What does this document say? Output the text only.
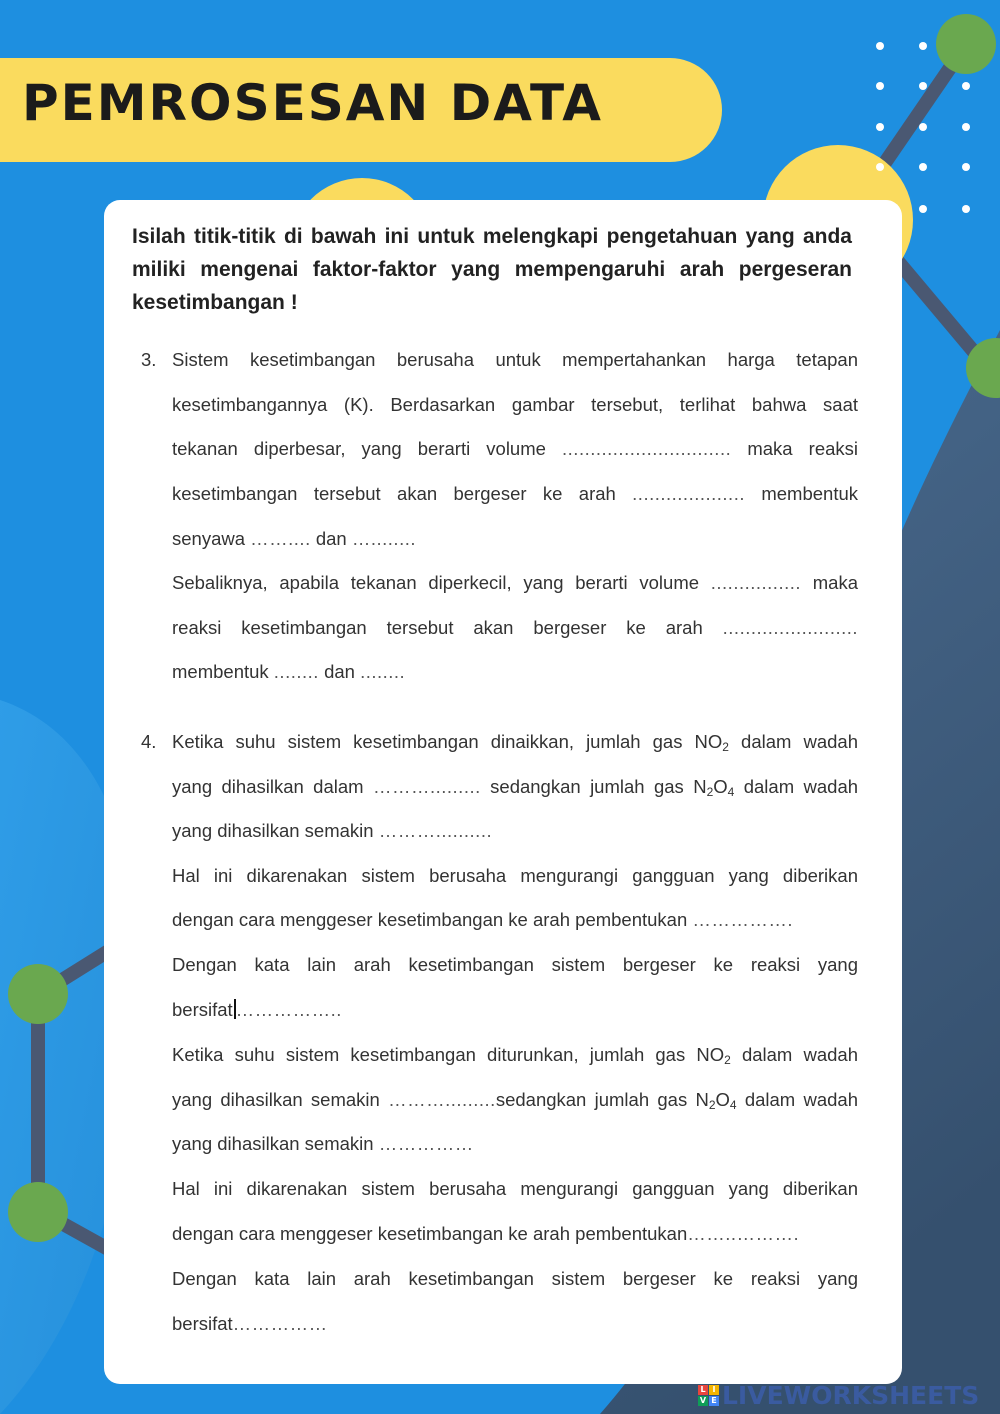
PEMROSESAN DATA
Isilah titik-titik di bawah ini untuk melengkapi pengetahuan yang anda miliki mengenai faktor-faktor yang mempengaruhi arah pergeseran kesetimbangan !
3. Sistem kesetimbangan berusaha untuk mempertahankan harga tetapan
kesetimbangannya (K). Berdasarkan gambar tersebut, terlihat bahwa saat
tekanan diperbesar, yang berarti volume .............................. maka reaksi
kesetimbangan tersebut akan bergeser ke arah .................... membentuk
senyawa …….... dan …........
Sebaliknya, apabila tekanan diperkecil, yang berarti volume ................ maka
reaksi kesetimbangan tersebut akan bergeser ke arah ........................
membentuk ........ dan ........
4. Ketika suhu sistem kesetimbangan dinaikkan, jumlah gas $NO_2$ dalam wadah
yang dihasilkan dalam ………......... sedangkan jumlah gas $N_2O_4$ dalam wadah
yang dihasilkan semakin ………..........
Hal ini dikarenakan sistem berusaha mengurangi gangguan yang diberikan
dengan cara menggeser kesetimbangan ke arah pembentukan …………….
Dengan kata lain arah kesetimbangan sistem bergeser ke reaksi yang
bersifat ……………..
Ketika suhu sistem kesetimbangan diturunkan, jumlah gas $NO_2$ dalam wadah
yang dihasilkan semakin ……….........sedangkan jumlah gas $N_2O_4$ dalam wadah
yang dihasilkan semakin ……………
Hal ini dikarenakan sistem berusaha mengurangi gangguan yang diberikan
dengan cara menggeser kesetimbangan ke arah pembentukan……..……….
Dengan kata lain arah kesetimbangan sistem bergeser ke reaksi yang
bersifat……………
L I
V E LIVEWORKSHEETS
